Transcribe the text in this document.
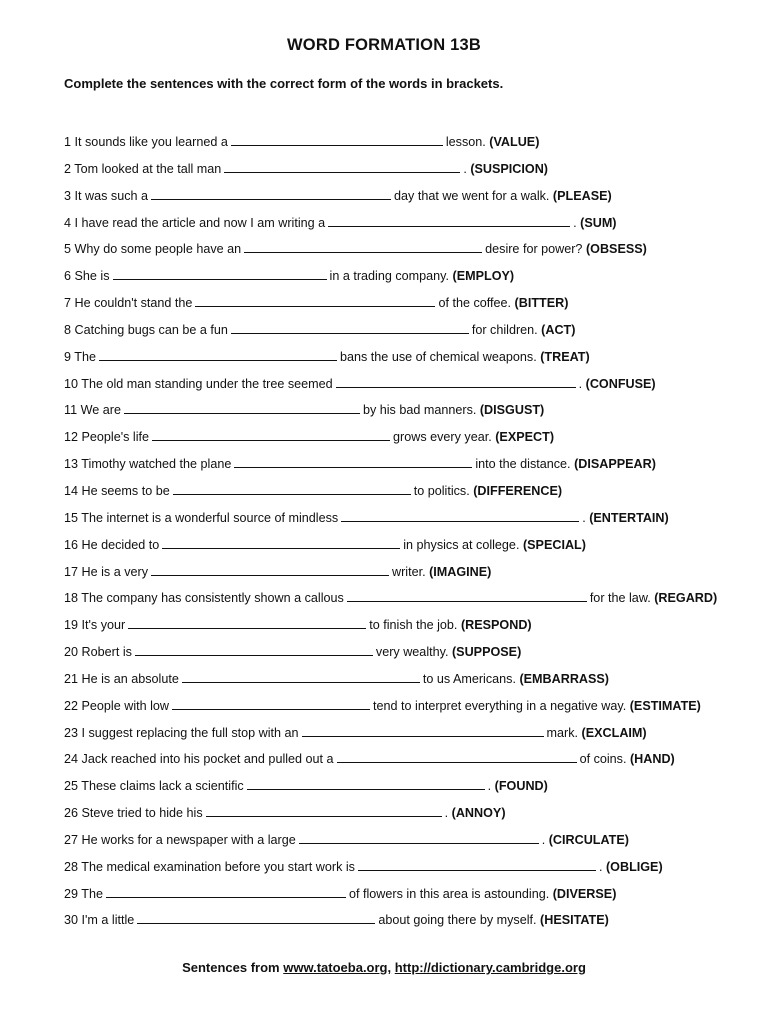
WORD FORMATION 13B
Complete the sentences with the correct form of the words in brackets.
1 It sounds like you learned a	lesson. (VALUE)
2 Tom looked at the tall man	. (SUSPICION)
3 It was such a	day that we went for a walk. (PLEASE)
4 I have read the article and now I am writing a	. (SUM)
5 Why do some people have an	desire for power? (OBSESS)
6 She is	in a trading company. (EMPLOY)
7 He couldn't stand the	of the coffee. (BITTER)
8 Catching bugs can be a fun	for children. (ACT)
9 The	bans the use of chemical weapons. (TREAT)
10 The old man standing under the tree seemed	. (CONFUSE)
11 We are	by his bad manners. (DISGUST)
12 People's life	grows every year. (EXPECT)
13 Timothy watched the plane	into the distance. (DISAPPEAR)
14 He seems to be	to politics. (DIFFERENCE)
15 The internet is a wonderful source of mindless	. (ENTERTAIN)
16 He decided to	in physics at college. (SPECIAL)
17 He is a very	writer. (IMAGINE)
18 The company has consistently shown a callous	for the law. (REGARD)
19 It's your	to finish the job. (RESPOND)
20 Robert is	very wealthy. (SUPPOSE)
21 He is an absolute	to us Americans. (EMBARRASS)
22 People with low	tend to interpret everything in a negative way. (ESTIMATE)
23 I suggest replacing the full stop with an	mark. (EXCLAIM)
24 Jack reached into his pocket and pulled out a	of coins. (HAND)
25 These claims lack a scientific	. (FOUND)
26 Steve tried to hide his	. (ANNOY)
27 He works for a newspaper with a large	. (CIRCULATE)
28 The medical examination before you start work is	. (OBLIGE)
29 The	of flowers in this area is astounding. (DIVERSE)
30 I'm a little	about going there by myself. (HESITATE)
Sentences from www.tatoeba.org, http://dictionary.cambridge.org
